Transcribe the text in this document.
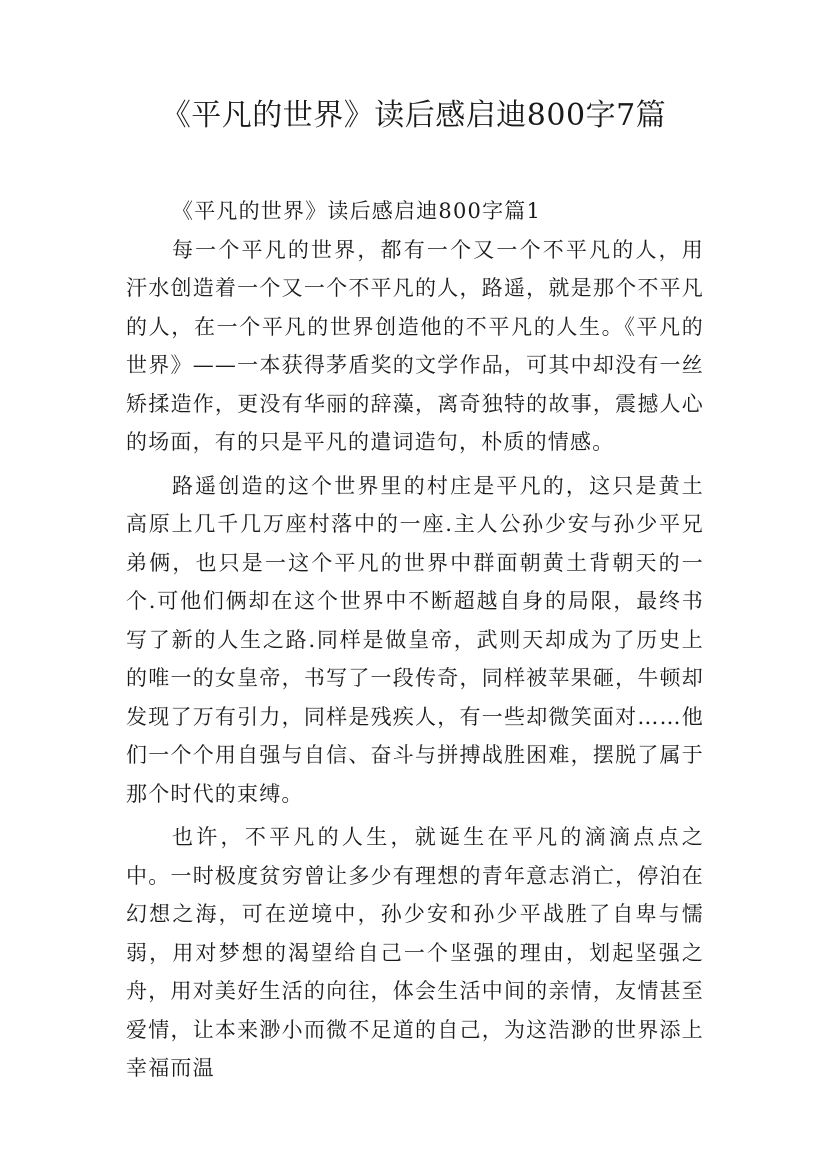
《平凡的世界》读后感启迪800字7篇

《平凡的世界》读后感启迪800字篇1

每一个平凡的世界，都有一个又一个不平凡的人，用汗水创造着一个又一个不平凡的人，路遥，就是那个不平凡的人，在一个平凡的世界创造他的不平凡的人生。《平凡的世界》——一本获得茅盾奖的文学作品，可其中却没有一丝矫揉造作，更没有华丽的辞藻，离奇独特的故事，震撼人心的场面，有的只是平凡的遣词造句，朴质的情感。

路遥创造的这个世界里的村庄是平凡的，这只是黄土高原上几千几万座村落中的一座.主人公孙少安与孙少平兄弟俩，也只是一这个平凡的世界中群面朝黄土背朝天的一个.可他们俩却在这个世界中不断超越自身的局限，最终书写了新的人生之路.同样是做皇帝，武则天却成为了历史上的唯一的女皇帝，书写了一段传奇，同样被苹果砸，牛顿却发现了万有引力，同样是残疾人，有一些却微笑面对……他们一个个用自强与自信、奋斗与拼搏战胜困难，摆脱了属于那个时代的束缚。

也许，不平凡的人生，就诞生在平凡的滴滴点点之中。一时极度贫穷曾让多少有理想的青年意志消亡，停泊在幻想之海，可在逆境中，孙少安和孙少平战胜了自卑与懦弱，用对梦想的渴望给自己一个坚强的理由，划起坚强之舟，用对美好生活的向往，体会生活中间的亲情，友情甚至爱情，让本来渺小而微不足道的自己，为这浩渺的世界添上幸福而温
